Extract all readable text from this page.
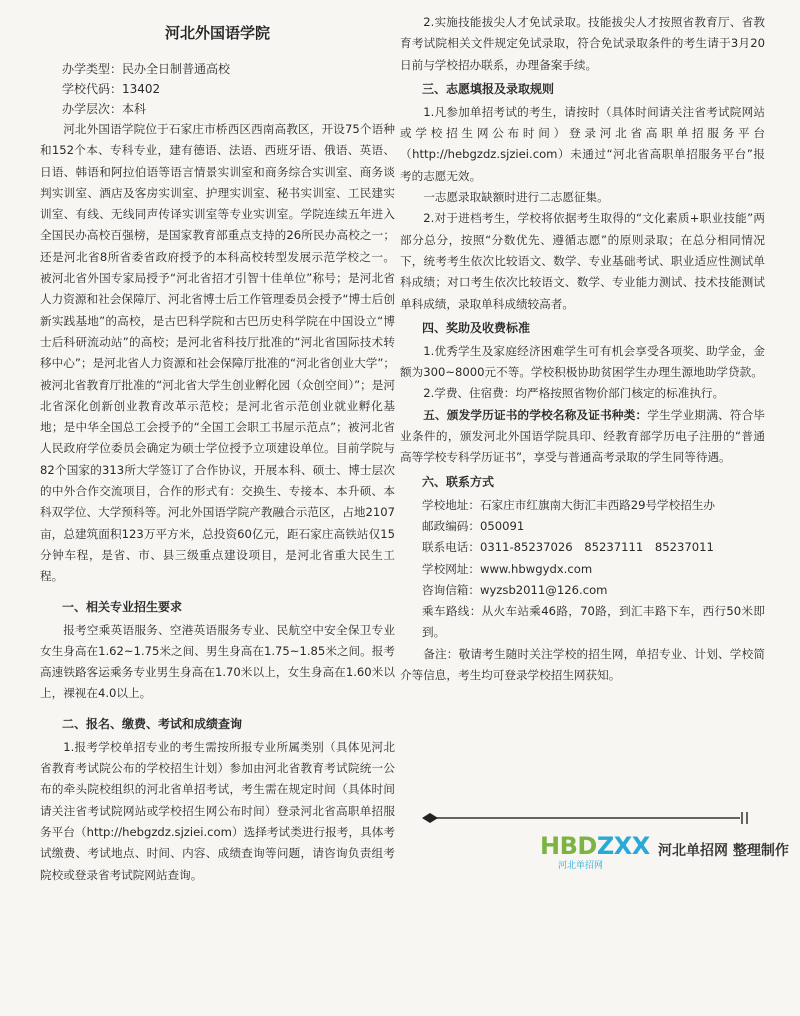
河北外国语学院
办学类型：民办全日制普通高校
学校代码：13402
办学层次：本科

河北外国语学院位于石家庄市桥西区西南高教区，开设75个语种和152个本、专科专业，建有德语、法语、西班牙语、俄语、英语、日语、韩语和阿拉伯语等语言情景实训室和商务综合实训室、商务谈判实训室、酒店及客房实训室、护理实训室、秘书实训室、工民建实训室、有线、无线同声传译实训室等专业实训室。学院连续五年进入全国民办高校百强榜，是国家教育部重点支持的26所民办高校之一；还是河北省8所省委省政府授予的本科高校转型发展示范学校之一。被河北省外国专家局授予“河北省招才引智十佳单位”称号；是河北省人力资源和社会保障厅、河北省博士后工作管理委员会授予“博士后创新实践基地”的高校，是古巴科学院和古巴历史科学院在中国设立“博士后科研流动站”的高校；是河北省科技厅批准的“河北省国际技术转移中心”；是河北省人力资源和社会保障厅批准的“河北省创业大学”；被河北省教育厅批准的“河北省大学生创业孵化园（众创空间）”；是河北省深化创新创业教育改革示范校；是河北省示范创业就业孵化基地；是中华全国总工会授予的“全国工会职工书屋示范点”；被河北省人民政府学位委员会确定为硕士学位授予立项建设单位。目前学院与82个国家的313所大学签订了合作协议，开展本科、硕士、博士层次的中外合作交流项目，合作的形式有：交换生、专接本、本升硕、本科双学位、大学预科等。河北外国语学院产教融合示范区，占地2107亩，总建筑面积123万平方米，总投资60亿元，距石家庄高铁站仅15分钟车程，是省、市、县三级重点建设项目，是河北省重大民生工程。

一、相关专业招生要求

报考空乘英语服务、空港英语服务专业、民航空中安全保卫专业女生身高在1.62~1.75米之间、男生身高在1.75~1.85米之间。报考高速铁路客运乘务专业男生身高在1.70米以上，女生身高在1.60米以上，裸视在4.0以上。

二、报名、缴费、考试和成绩查询

1.报考学校单招专业的考生需按所报专业所属类别（具体见河北省教育考试院公布的学校招生计划）参加由河北省教育考试院统一公布的牵头院校组织的河北省单招考试，考生需在规定时间（具体时间请关注省考试院网站或学校招生网公布时间）登录河北省高职单招服务平台（http://hebgzdz.sjziei.com）选择考试类进行报考，具体考试缴费、考试地点、时间、内容、成绩查询等问题，请咨询负责组考院校或登录省考试院网站查询。

2.实施技能拔尖人才免试录取。技能拔尖人才按照省教育厅、省教育考试院相关文件规定免试录取，符合免试录取条件的考生请于3月20日前与学校招办联系，办理备案手续。

三、志愿填报及录取规则

1.凡参加单招考试的考生，请按时（具体时间请关注省考试院网站或学校招生网公布时间）登录河北省高职单招服务平台（http://hebgzdz.sjziei.com）未通过“河北省高职单招服务平台”报考的志愿无效。

一志愿录取缺额时进行二志愿征集。

2.对于进档考生，学校将依据考生取得的“文化素质+职业技能”两部分总分，按照“分数优先、遵循志愿”的原则录取；在总分相同情况下，统考考生依次比较语文、数学、专业基础考试、职业适应性测试单科成绩；对口考生依次比较语文、数学、专业能力测试、技术技能测试单科成绩，录取单科成绩较高者。

四、奖助及收费标准

1.优秀学生及家庭经济困难学生可有机会享受各项奖、助学金，金额为300~8000元不等。学校积极协助贫困学生办理生源地助学贷款。

2.学费、住宿费：均严格按照省物价部门核定的标准执行。

五、颁发学历证书的学校名称及证书种类：学生学业期满、符合毕业条件的，颁发河北外国语学院具印、经教育部学历电子注册的“普通高等学校专科学历证书”，享受与普通高考录取的学生同等待遇。

六、联系方式

学校地址：石家庄市红旗南大街汇丰西路29号学校招生办

邮政编码：050091

联系电话：0311-85237026　85237111　85237011

学校网址：www.hbwgydx.com

咨询信箱：wyzsb2011@126.com

乘车路线：从火车站乘46路，70路，到汇丰路下车，西行50米即到。

备注：敬请考生随时关注学校的招生网，单招专业、计划、学校简介等信息，考生均可登录学校招生网获知。

HBDZXX
河北单招网
河北单招网 整理制作
